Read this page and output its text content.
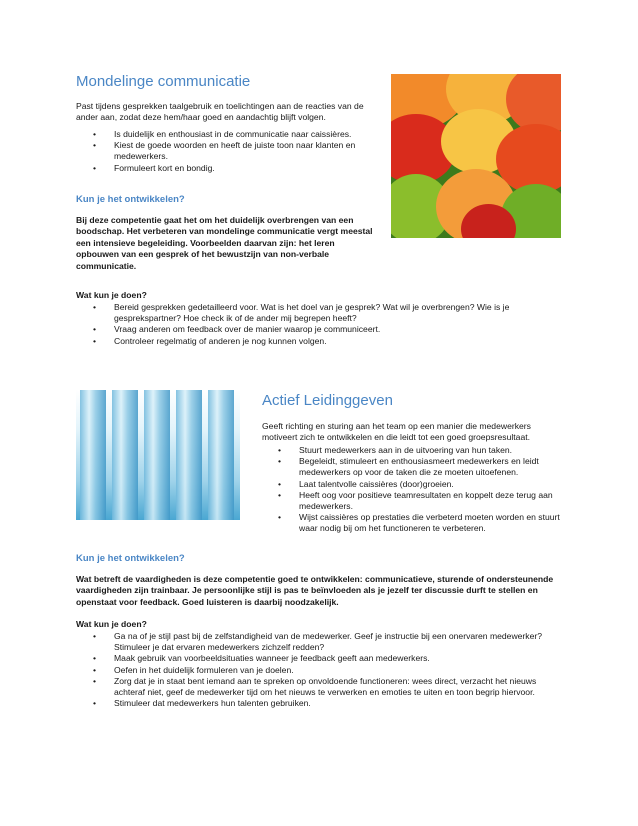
Mondelinge communicatie

Past tijdens gesprekken taalgebruik en toelichtingen aan de reacties van de ander aan, zodat deze hem/haar goed en aandachtig blijft volgen.

• Is duidelijk en enthousiast in de communicatie naar caissières.
• Kiest de goede woorden en heeft de juiste toon naar klanten en medewerkers.
• Formuleert kort en bondig.
Kun je het ontwikkelen?

Bij deze competentie gaat het om het duidelijk overbrengen van een boodschap. Het verbeteren van mondelinge communicatie vergt meestal een intensieve begeleiding. Voorbeelden daarvan zijn: het leren opbouwen van een gesprek of het bewustzijn van non-verbale communicatie.

Wat kun je doen?
• Bereid gesprekken gedetailleerd voor. Wat is het doel van je gesprek? Wat wil je overbrengen? Wie is je gesprekspartner? Hoe check ik of de ander mij begrepen heeft?
• Vraag anderen om feedback over de manier waarop je communiceert.
• Controleer regelmatig of anderen je nog kunnen volgen.
Actief Leidinggeven

Geeft richting en sturing aan het team op een manier die medewerkers motiveert zich te ontwikkelen en die leidt tot een goed groepsresultaat.

• Stuurt medewerkers aan in de uitvoering van hun taken.
• Begeleidt, stimuleert en enthousiasmeert medewerkers en leidt medewerkers op voor de taken die ze moeten uitoefenen.
• Laat talentvolle caissières (door)groeien.
• Heeft oog voor positieve teamresultaten en koppelt deze terug aan medewerkers.
• Wijst caissières op prestaties die verbeterd moeten worden en stuurt waar nodig bij om het functioneren te verbeteren.
Kun je het ontwikkelen?

Wat betreft de vaardigheden is deze competentie goed te ontwikkelen: communicatieve, sturende of ondersteunende vaardigheden zijn trainbaar. Je persoonlijke stijl is pas te beïnvloeden als je jezelf ter discussie durft te stellen en openstaat voor feedback. Goed luisteren is daarbij noodzakelijk.

Wat kun je doen?
• Ga na of je stijl past bij de zelfstandigheid van de medewerker. Geef je instructie bij een onervaren medewerker? Stimuleer je dat ervaren medewerkers zichzelf redden?
• Maak gebruik van voorbeeldsituaties wanneer je feedback geeft aan medewerkers.
• Oefen in het duidelijk formuleren van je doelen.
• Zorg dat je in staat bent iemand aan te spreken op onvoldoende functioneren: wees direct, verzacht het nieuws achteraf niet, geef de medewerker tijd om het nieuws te verwerken en emoties te uiten en toon begrip hiervoor.
• Stimuleer dat medewerkers hun talenten gebruiken.
